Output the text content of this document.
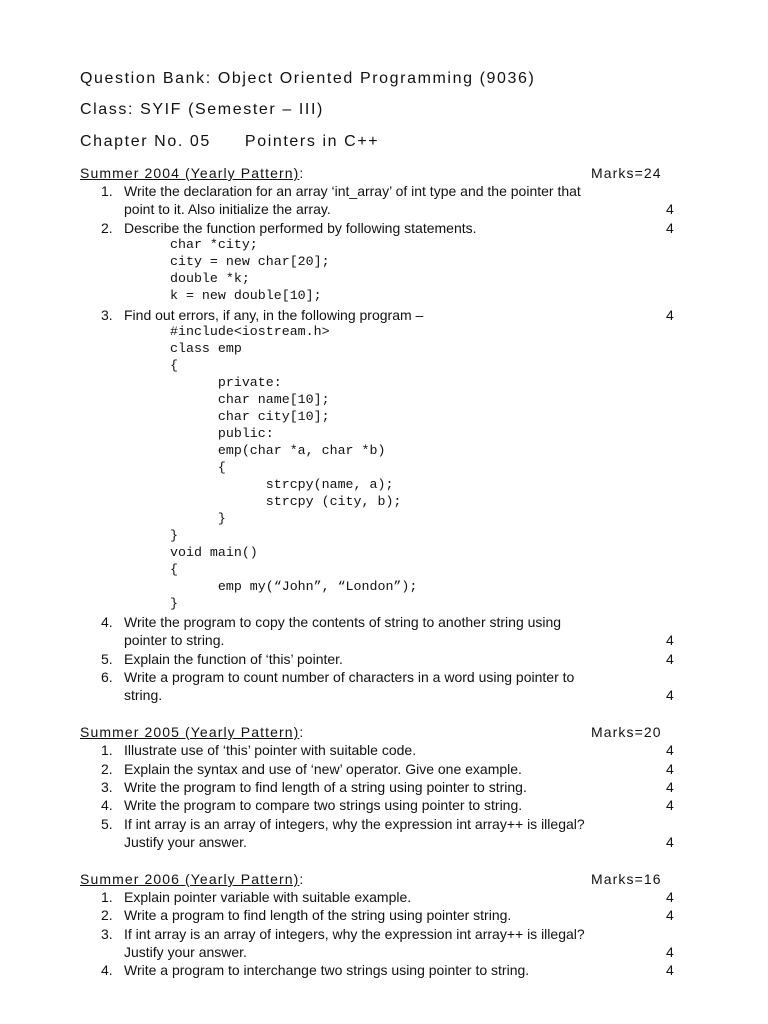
Question Bank: Object Oriented Programming (9036)
Class: SYIF (Semester – III)
Chapter No. 05 Pointers in C++
Summer 2004 (Yearly Pattern):	Marks=24
1. Write the declaration for an array ‘int_array’ of int type and the pointer that
point to it. Also initialize the array.	4
2. Describe the function performed by following statements.	4
char *city;
city = new char[20];
double *k;
k = new double[10];
3. Find out errors, if any, in the following program –	4
#include<iostream.h>
class emp
{
private:
char name[10];
char city[10];
public:
emp(char *a, char *b)
{
strcpy(name, a);
strcpy (city, b);
}
}
void main()
{
emp my(“John”, “London”);
}
4. Write the program to copy the contents of string to another string using
pointer to string.	4
5. Explain the function of ‘this’ pointer.	4
6. Write a program to count number of characters in a word using pointer to
string.	4
Summer 2005 (Yearly Pattern):	Marks=20
1. Illustrate use of ‘this’ pointer with suitable code.	4
2. Explain the syntax and use of ‘new’ operator. Give one example.	4
3. Write the program to find length of a string using pointer to string.	4
4. Write the program to compare two strings using pointer to string.	4
5. If int array is an array of integers, why the expression int array++ is illegal?
Justify your answer.	4
Summer 2006 (Yearly Pattern):	Marks=16
1. Explain pointer variable with suitable example.	4
2. Write a program to find length of the string using pointer string.	4
3. If int array is an array of integers, why the expression int array++ is illegal?
Justify your answer.	4
4. Write a program to interchange two strings using pointer to string.	4
